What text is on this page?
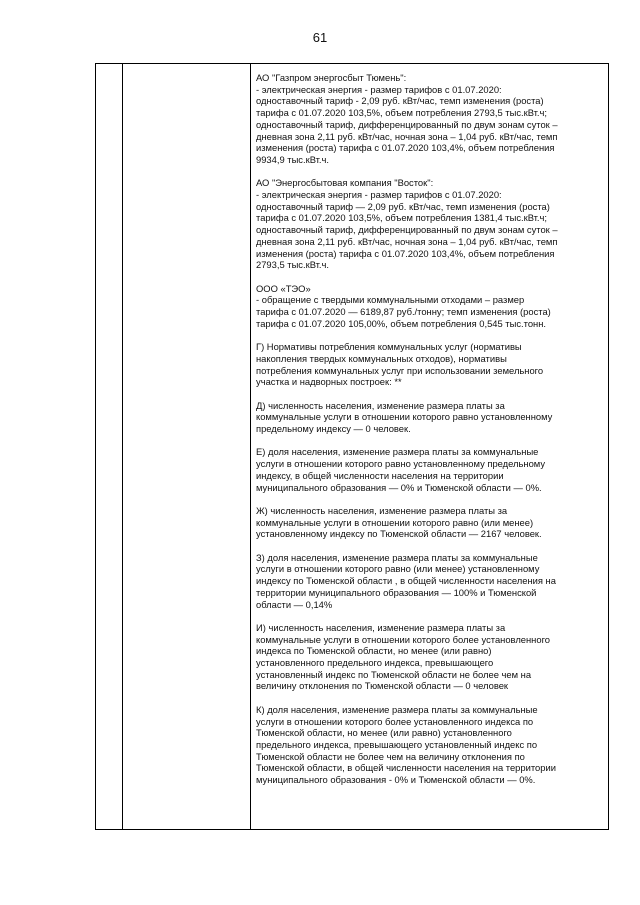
61
АО "Газпром энергосбыт Тюмень":
- электрическая энергия - размер тарифов с 01.07.2020:
одноставочный тариф - 2,09 руб. кВт/час, темп изменения (роста)
тарифа с 01.07.2020 103,5%, объем потребления 2793,5 тыс.кВт.ч;
одноставочный тариф, дифференцированный по двум зонам суток –
дневная зона 2,11 руб. кВт/час, ночная зона – 1,04 руб. кВт/час, темп
изменения (роста) тарифа с 01.07.2020 103,4%, объем потребления
9934,9 тыс.кВт.ч.
АО "Энергосбытовая компания "Восток":
- электрическая энергия - размер тарифов с 01.07.2020:
одноставочный тариф — 2,09 руб. кВт/час, темп изменения (роста)
тарифа с 01.07.2020 103,5%, объем потребления 1381,4 тыс.кВт.ч;
одноставочный тариф, дифференцированный по двум зонам суток –
дневная зона 2,11 руб. кВт/час, ночная зона – 1,04 руб. кВт/час, темп
изменения (роста) тарифа с 01.07.2020 103,4%, объем потребления
2793,5 тыс.кВт.ч.
ООО «ТЭО»
- обращение с твердыми коммунальными отходами – размер
тарифа с 01.07.2020 — 6189,87 руб./тонну; темп изменения (роста)
тарифа с 01.07.2020 105,00%, объем потребления 0,545 тыс.тонн.
Г) Нормативы потребления коммунальных услуг (нормативы
накопления твердых коммунальных отходов), нормативы
потребления коммунальных услуг при использовании земельного
участка и надворных построек: **
Д) численность населения, изменение размера платы за
коммунальные услуги в отношении которого равно установленному
предельному индексу — 0 человек.
Е) доля населения, изменение размера платы за коммунальные
услуги в отношении которого равно установленному предельному
индексу, в общей численности населения на территории
муниципального образования — 0% и Тюменской области — 0%.
Ж) численность населения, изменение размера платы за
коммунальные услуги в отношении которого равно (или менее)
установленному индексу по Тюменской области — 2167 человек.
З) доля населения, изменение размера платы за коммунальные
услуги в отношении которого равно (или менее) установленному
индексу по Тюменской области , в общей численности населения на
территории муниципального образования — 100% и Тюменской
области — 0,14%
И) численность населения, изменение размера платы за
коммунальные услуги в отношении которого более установленного
индекса по Тюменской области, но менее (или равно)
установленного предельного индекса, превышающего
установленный индекс по Тюменской области не более чем на
величину отклонения по Тюменской области — 0 человек
К) доля населения, изменение размера платы за коммунальные
услуги в отношении которого более установленного индекса по
Тюменской области, но менее (или равно) установленного
предельного индекса, превышающего установленный индекс по
Тюменской области не более чем на величину отклонения по
Тюменской области, в общей численности населения на территории
муниципального образования - 0% и Тюменской области — 0%.
